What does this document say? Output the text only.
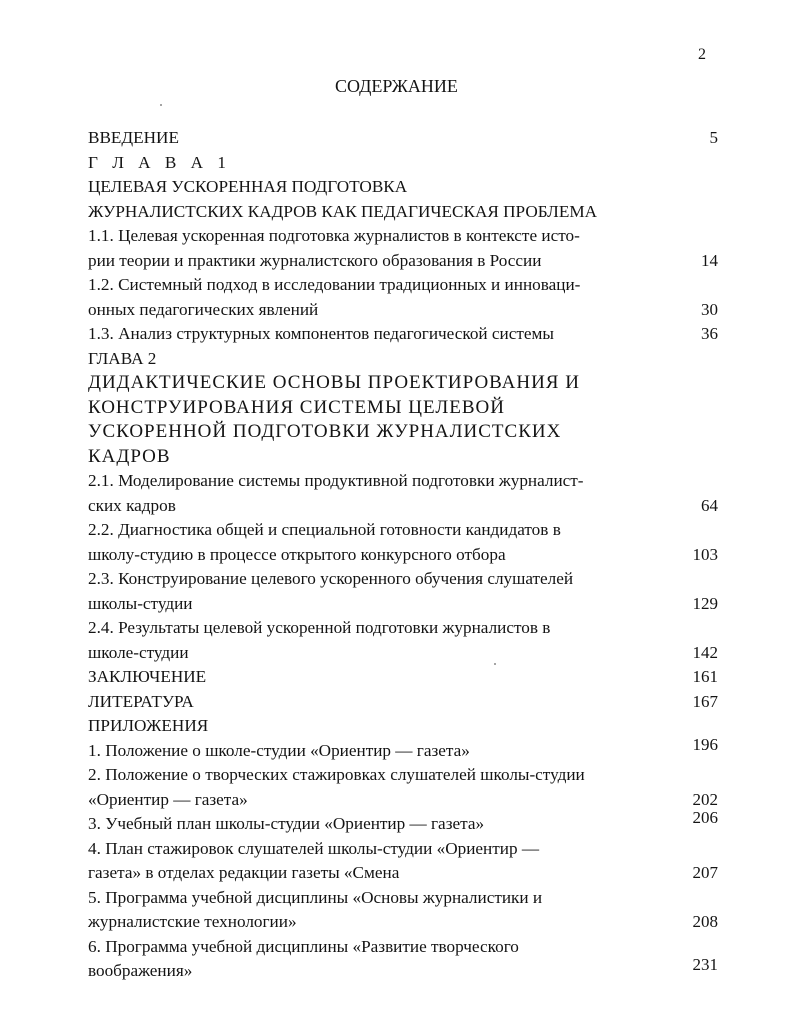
2
СОДЕРЖАНИЕ
ВВЕДЕНИЕ	5
Г Л А В А 1
ЦЕЛЕВАЯ УСКОРЕННАЯ ПОДГОТОВКА
ЖУРНАЛИСТСКИХ КАДРОВ КАК ПЕДАГИЧЕСКАЯ ПРОБЛЕМА
1.1. Целевая ускоренная подготовка журналистов в контексте исто-
рии теории и практики журналистского образования в России	14
1.2. Системный подход в исследовании традиционных и инноваци-
онных педагогических явлений	30
1.3. Анализ структурных компонентов педагогической системы	36
ГЛАВА 2
ДИДАКТИЧЕСКИЕ ОСНОВЫ ПРОЕКТИРОВАНИЯ И
КОНСТРУИРОВАНИЯ СИСТЕМЫ ЦЕЛЕВОЙ
УСКОРЕННОЙ ПОДГОТОВКИ ЖУРНАЛИСТСКИХ
КАДРОВ
2.1. Моделирование системы продуктивной подготовки журналист-
ских кадров	64
2.2. Диагностика общей и специальной готовности кандидатов в
школу-студию в процессе открытого конкурсного отбора	103
2.3. Конструирование целевого ускоренного обучения слушателей
школы-студии	129
2.4. Результаты целевой ускоренной подготовки журналистов в
школе-студии	142
ЗАКЛЮЧЕНИЕ	161
ЛИТЕРАТУРА	167
ПРИЛОЖЕНИЯ
1. Положение о школе-студии «Ориентир — газета»	196
2. Положение о творческих стажировках слушателей школы-студии
«Ориентир — газета»	202
3. Учебный план школы-студии «Ориентир — газета»	206
4. План стажировок слушателей школы-студии «Ориентир —
газета» в отделах редакции газеты «Смена	207
5. Программа учебной дисциплины «Основы журналистики и
журналистские технологии»	208
6. Программа учебной дисциплины «Развитие творческого
воображения»	231
